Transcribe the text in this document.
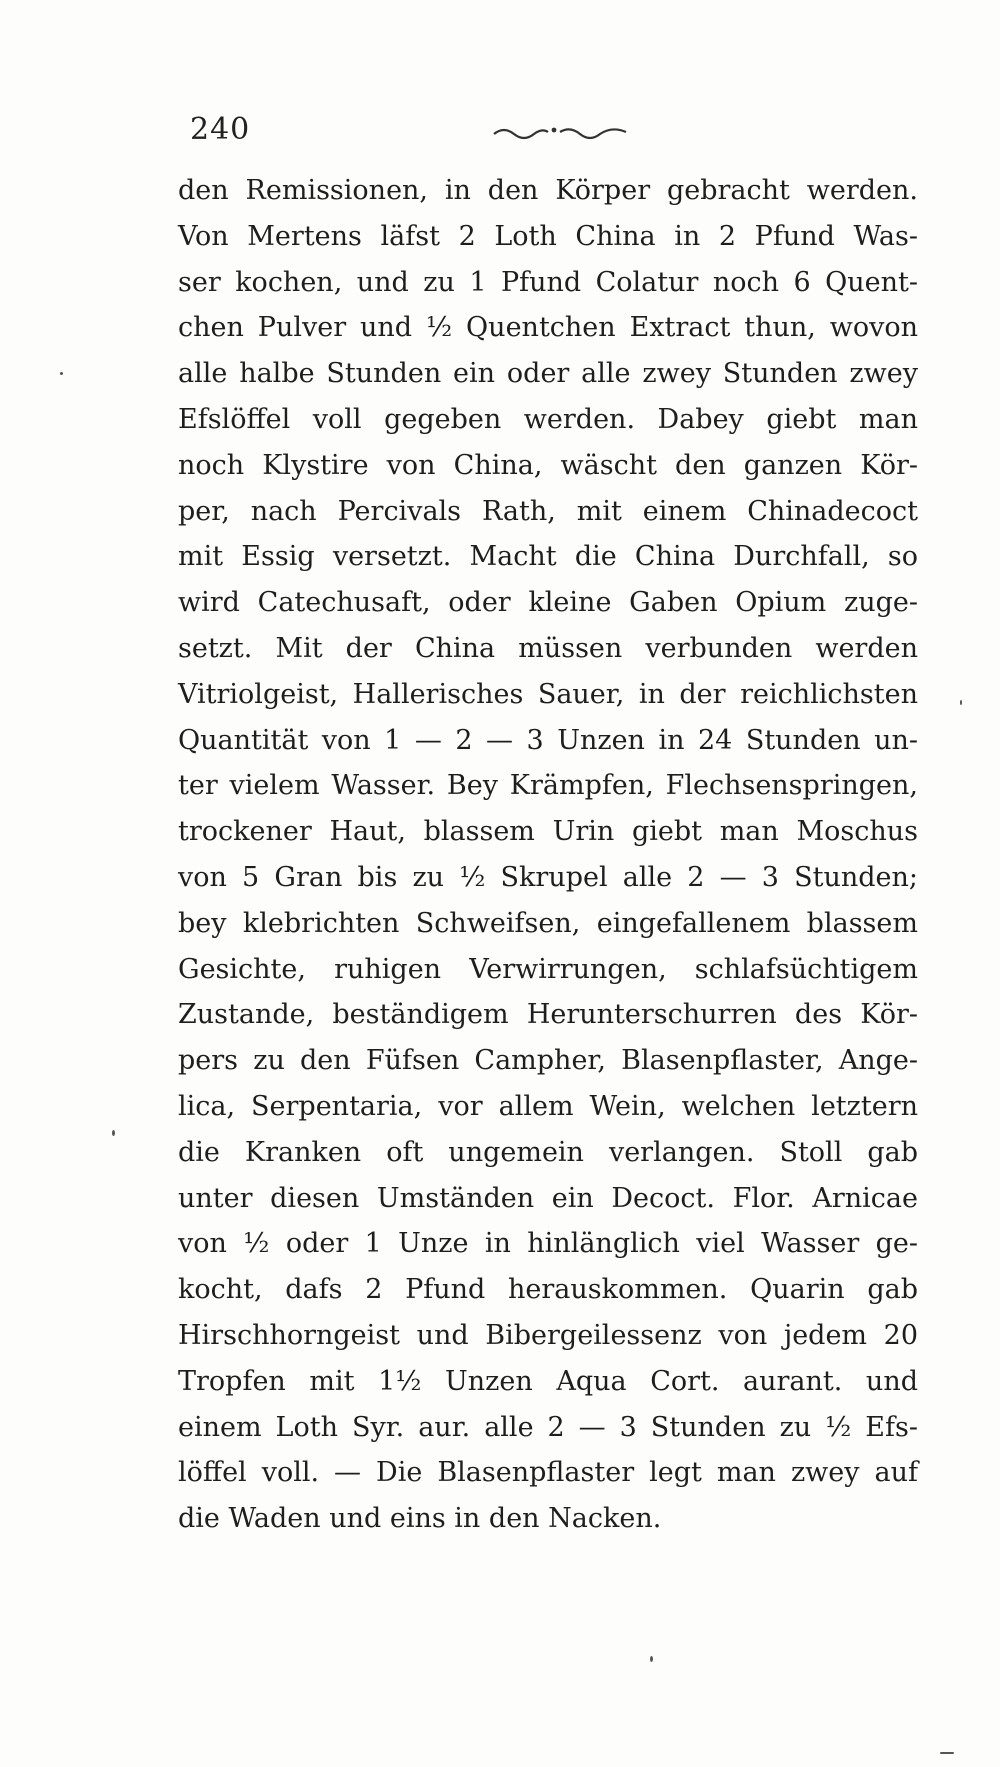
240
den Remissionen, in den Körper gebracht werden.
Von Mertens läfst 2 Loth China in 2 Pfund Was-
ser kochen, und zu 1 Pfund Colatur noch 6 Quent-
chen Pulver und ½ Quentchen Extract thun, wovon
alle halbe Stunden ein oder alle zwey Stunden zwey
Efslöffel voll gegeben werden. Dabey giebt man
noch Klystire von China, wäscht den ganzen Kör-
per, nach Percivals Rath, mit einem Chinadecoct
mit Essig versetzt. Macht die China Durchfall, so
wird Catechusaft, oder kleine Gaben Opium zuge-
setzt. Mit der China müssen verbunden werden
Vitriolgeist, Hallerisches Sauer, in der reichlichsten
Quantität von 1 — 2 — 3 Unzen in 24 Stunden un-
ter vielem Wasser. Bey Krämpfen, Flechsenspringen,
trockener Haut, blassem Urin giebt man Moschus
von 5 Gran bis zu ½ Skrupel alle 2 — 3 Stunden;
bey klebrichten Schweifsen, eingefallenem blassem
Gesichte, ruhigen Verwirrungen, schlafsüchtigem
Zustande, beständigem Herunterschurren des Kör-
pers zu den Füfsen Campher, Blasenpflaster, Ange-
lica, Serpentaria, vor allem Wein, welchen letztern
die Kranken oft ungemein verlangen. Stoll gab
unter diesen Umständen ein Decoct. Flor. Arnicae
von ½ oder 1 Unze in hinlänglich viel Wasser ge-
kocht, dafs 2 Pfund herauskommen. Quarin gab
Hirschhorngeist und Bibergeilessenz von jedem 20
Tropfen mit 1½ Unzen Aqua Cort. aurant. und
einem Loth Syr. aur. alle 2 — 3 Stunden zu ½ Efs-
löffel voll. — Die Blasenpflaster legt man zwey auf
die Waden und eins in den Nacken.
